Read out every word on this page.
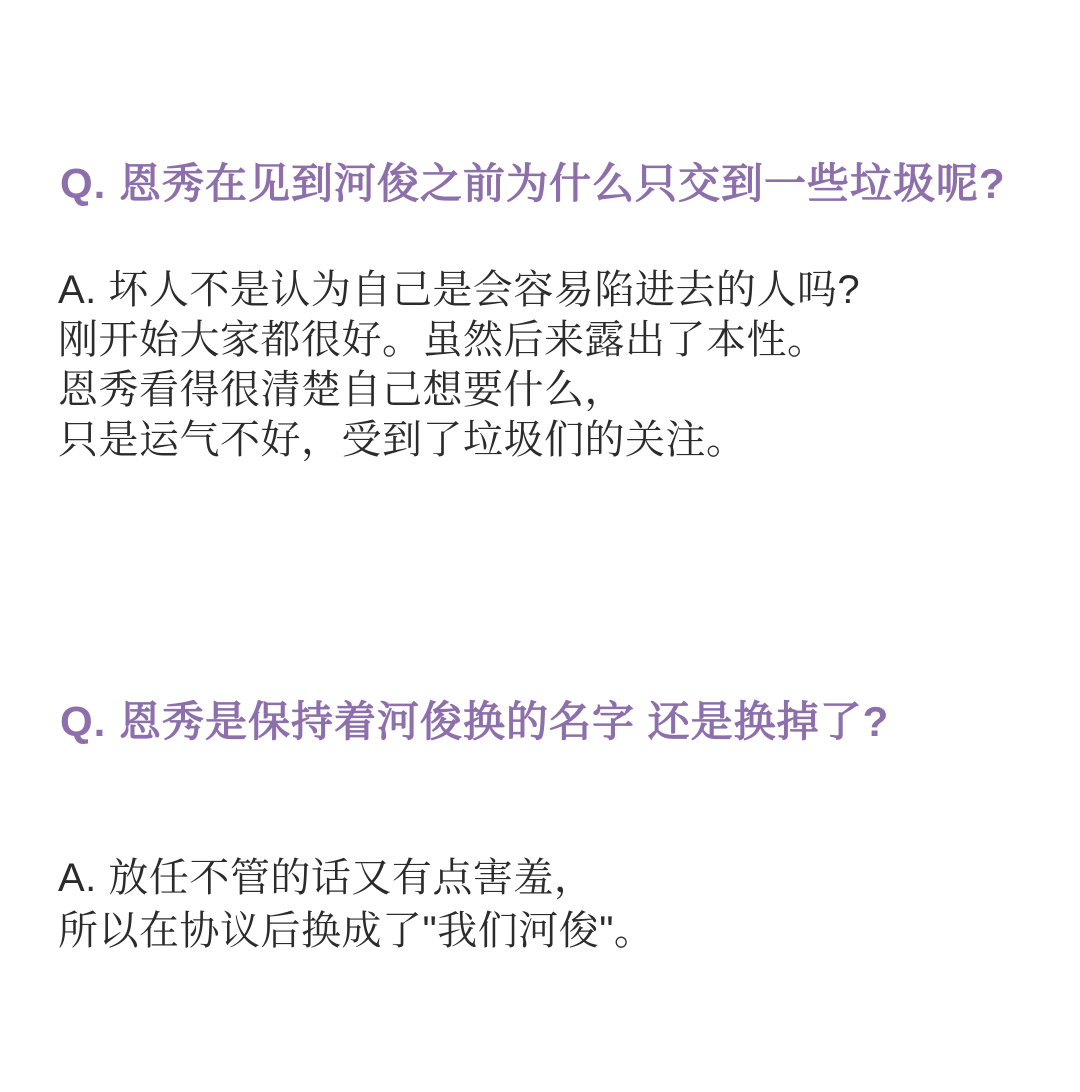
Q. 恩秀在见到河俊之前为什么只交到一些垃圾呢?
A. 坏人不是认为自己是会容易陷进去的人吗?
刚开始大家都很好。虽然后来露出了本性。
恩秀看得很清楚自己想要什么，
只是运气不好，受到了垃圾们的关注。
Q. 恩秀是保持着河俊换的名字 还是换掉了?
A. 放任不管的话又有点害羞，
所以在协议后换成了"我们河俊"。
